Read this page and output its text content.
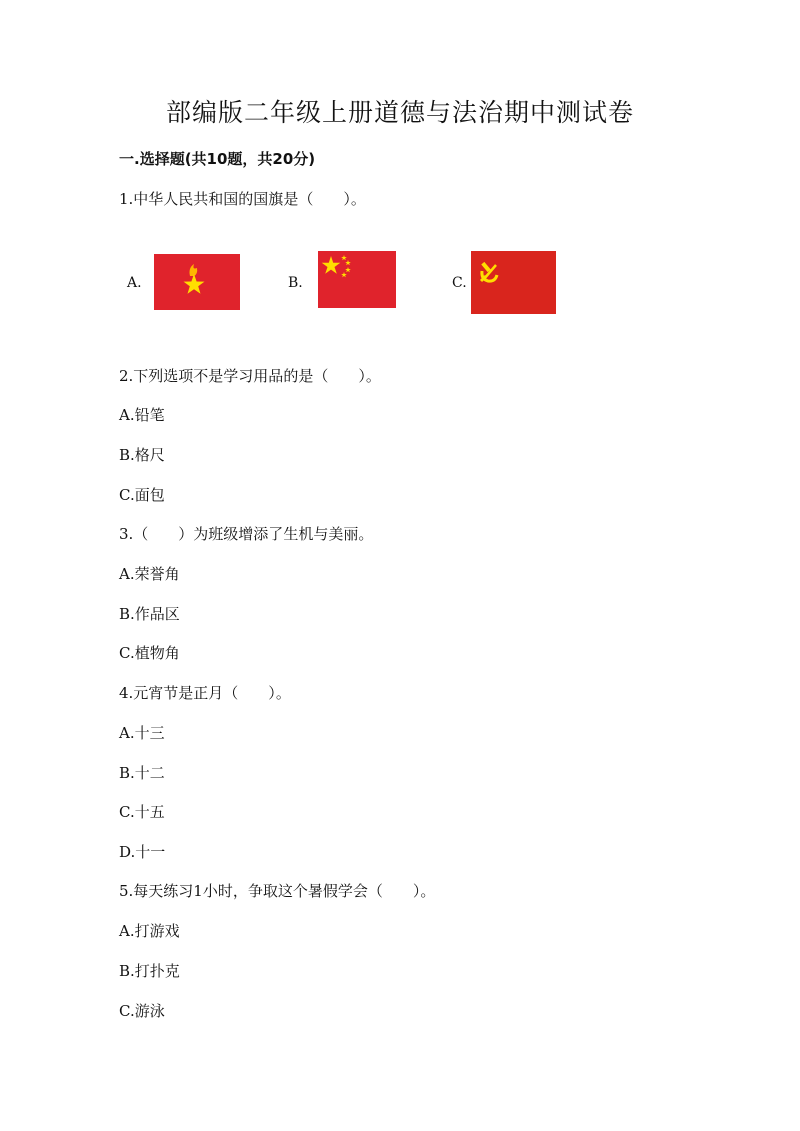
部编版二年级上册道德与法治期中测试卷
一.选择题(共10题，共20分)
1.中华人民共和国的国旗是（　　）。
A.	B.	C.
2.下列选项不是学习用品的是（　　）。
A.铅笔
B.格尺
C.面包
3.（　　）为班级增添了生机与美丽。
A.荣誉角
B.作品区
C.植物角
4.元宵节是正月（　　）。
A.十三
B.十二
C.十五
D.十一
5.每天练习1小时，争取这个暑假学会（　　）。
A.打游戏
B.打扑克
C.游泳
